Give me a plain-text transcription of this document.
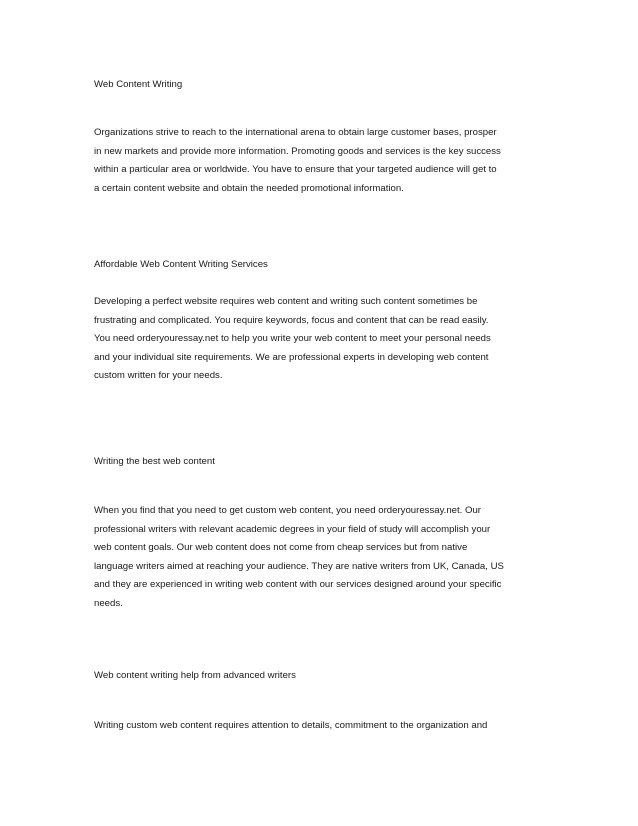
Web Content Writing
Organizations strive to reach to the international arena to obtain large customer bases, prosper
in new markets and provide more information. Promoting goods and services is the key success
within a particular area or worldwide. You have to ensure that your targeted audience will get to
a certain content website and obtain the needed promotional information.
Affordable Web Content Writing Services
Developing a perfect website requires web content and writing such content sometimes be
frustrating and complicated. You require keywords, focus and content that can be read easily.
You need orderyouressay.net to help you write your web content to meet your personal needs
and your individual site requirements. We are professional experts in developing web content
custom written for your needs.
Writing the best web content
When you find that you need to get custom web content, you need orderyouressay.net. Our
professional writers with relevant academic degrees in your field of study will accomplish your
web content goals. Our web content does not come from cheap services but from native
language writers aimed at reaching your audience. They are native writers from UK, Canada, US
and they are experienced in writing web content with our services designed around your specific
needs.
Web content writing help from advanced writers
Writing custom web content requires attention to details, commitment to the organization and
